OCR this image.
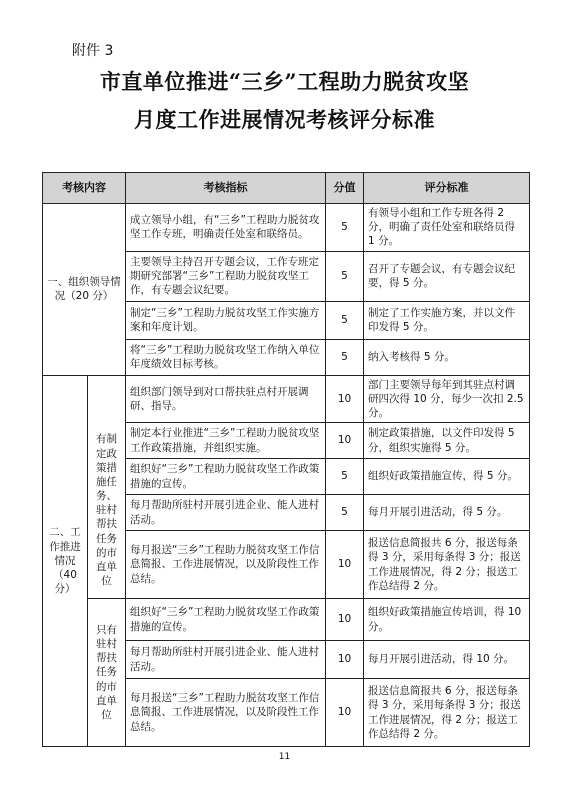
附件 3
市直单位推进“三乡”工程助力脱贫攻坚
月度工作进展情况考核评分标准
考核内容		考核指标	分值	评分标准
一、组织领导情况（20 分）		成立领导小组，有“三乡”工程助力脱贫攻坚工作专班，明确责任处室和联络员。	5	有领导小组和工作专班各得 2 分，明确了责任处室和联络员得 1 分。
		主要领导主持召开专题会议，工作专班定期研究部署“三乡”工程助力脱贫攻坚工作，有专题会议纪要。	5	召开了专题会议，有专题会议纪要，得 5 分。
		制定“三乡”工程助力脱贫攻坚工作实施方案和年度计划。	5	制定了工作实施方案，并以文件印发得 5 分。
		将“三乡”工程助力脱贫攻坚工作纳入单位年度绩效目标考核。	5	纳入考核得 5 分。
二、工作推进情况（40 分）		组织部门领导到对口帮扶驻点村开展调研、指导。	10	部门主要领导每年到其驻点村调研四次得 10 分，每少一次扣 2.5 分。
	有制定政策措施任务、驻村帮扶任务的市直单位	制定本行业推进“三乡”工程助力脱贫攻坚工作政策措施，并组织实施。	10	制定政策措施，以文件印发得 5 分，组织实施得 5 分。
		组织好“三乡”工程助力脱贫攻坚工作政策措施的宣传。	5	组织好政策措施宣传，得 5 分。
		每月帮助所驻村开展引进企业、能人进村活动。	5	每月开展引进活动，得 5 分。
		每月报送“三乡”工程助力脱贫攻坚工作信息简报、工作进展情况，以及阶段性工作总结。	10	报送信息简报共 6 分，报送每条得 3 分，采用每条得 3 分；报送工作进展情况，得 2 分；报送工作总结得 2 分。
	只有驻村帮扶任务的市直单位	组织好“三乡”工程助力脱贫攻坚工作政策措施的宣传。	10	组织好政策措施宣传培训，得 10 分。
		每月帮助所驻村开展引进企业、能人进村活动。	10	每月开展引进活动，得 10 分。
		每月报送“三乡”工程助力脱贫攻坚工作信息简报、工作进展情况，以及阶段性工作总结。	10	报送信息简报共 6 分，报送每条得 3 分，采用每条得 3 分；报送工作进展情况，得 2 分；报送工作总结得 2 分。
11
